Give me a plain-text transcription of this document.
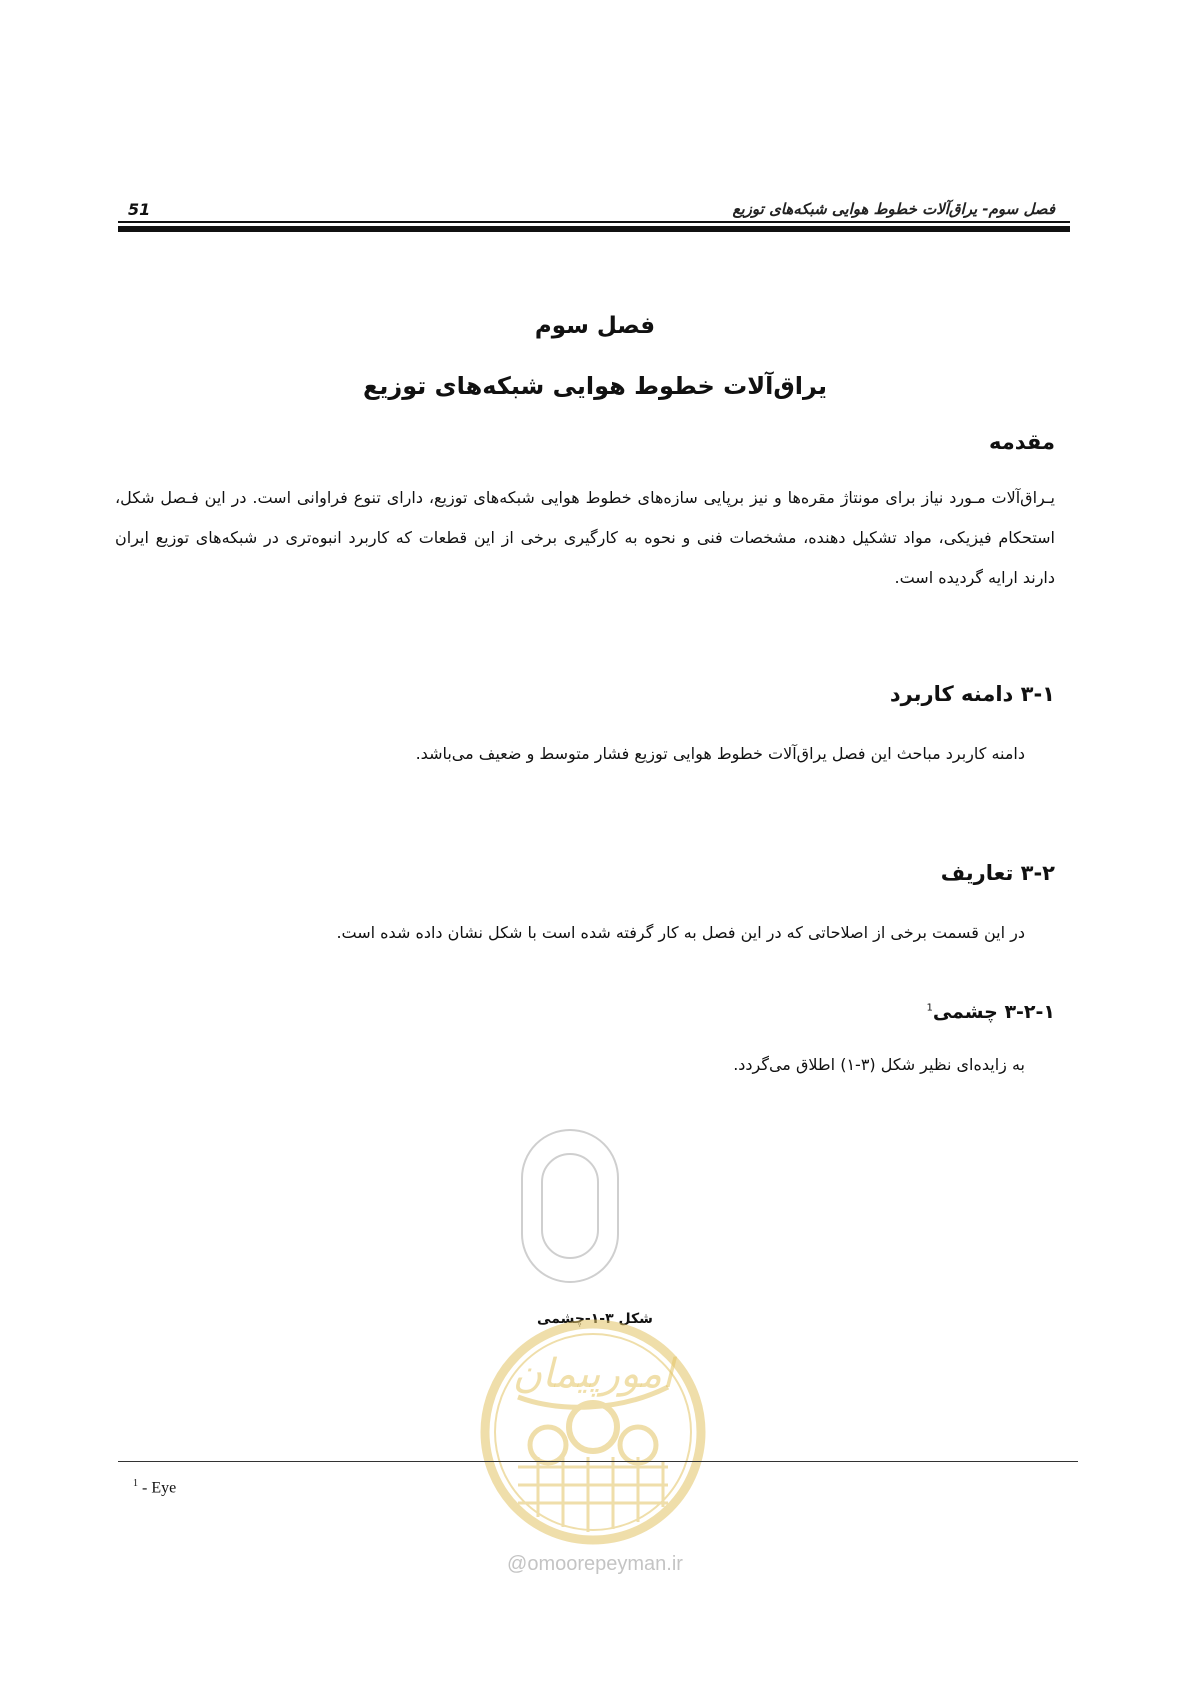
فصل سوم- یراق‌آلات خطوط هوایی شبکه‌های توزیع
51
فصل سوم
یراق‌آلات خطوط هوایی شبکه‌های توزیع
مقدمه
یـراق‌آلات مـورد نیاز برای مونتاژ مقره‌ها و نیز برپایی سازه‌های خطوط هوایی شبکه‌های توزیع، دارای تنوع فراوانی است. در این فـصل شکل، استحکام فیزیکی، مواد تشکیل دهنده، مشخصات فنی و نحوه به کارگیری برخی از این قطعات که کاربرد انبوه‌تری در شبکه‌های توزیع ایران دارند ارایه گردیده است.
۳-۱ دامنه کاربرد
دامنه کاربرد مباحث این فصل یراق‌آلات خطوط هوایی توزیع فشار متوسط و ضعیف می‌باشد.
۳-۲ تعاریف
در این قسمت برخی از اصلاحاتی که در این فصل به کار گرفته شده است با شکل نشان داده شده است.
۳-۲-۱ چشمی$^1$
به زایده‌ای نظیر شکل (۳-۱) اطلاق می‌گردد.
شکل ۳-۱-چشمی
امورپیمان
@omoorepeyman.ir
$^1$ - Eye
